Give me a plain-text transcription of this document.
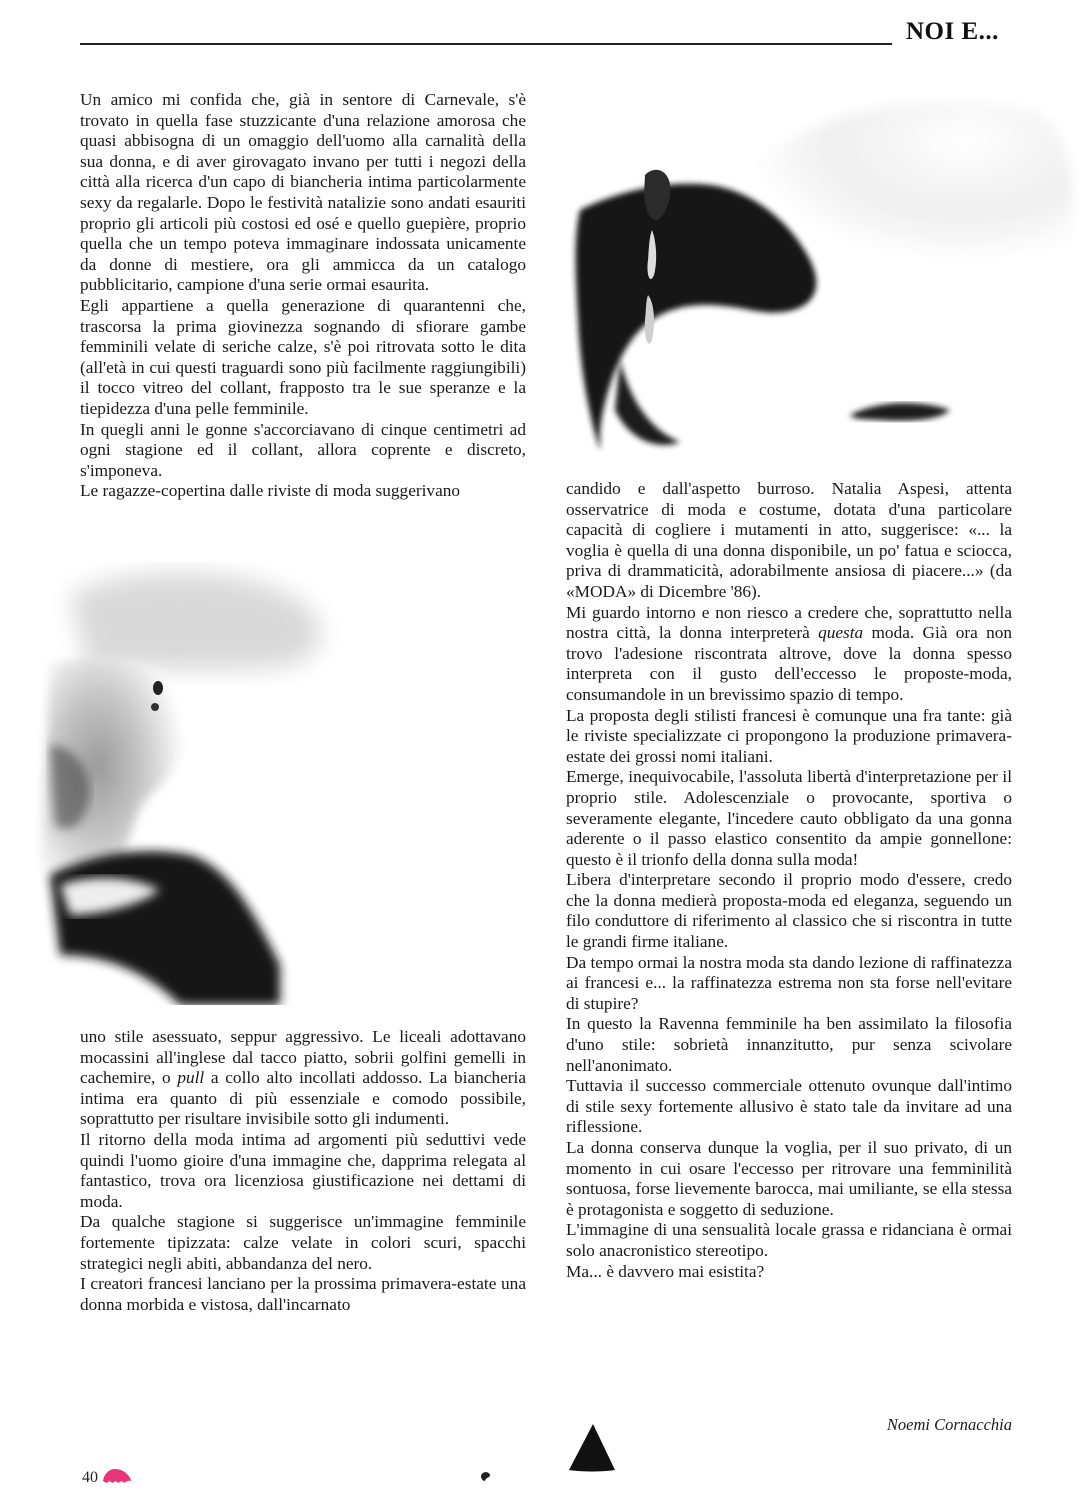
NOI E...

Un amico mi confida che, già in sentore di Carnevale, s'è trovato in quella fase stuzzicante d'una relazione amorosa che quasi abbisogna di un omaggio dell'uomo alla carnalità della sua donna, e di aver girovagato invano per tutti i negozi della città alla ricerca d'un capo di biancheria intima particolarmente sexy da regalarle. Dopo le festività natalizie sono andati esauriti proprio gli articoli più costosi ed osé e quello guepière, proprio quella che un tempo poteva immaginare indossata unicamente da donne di mestiere, ora gli ammicca da un catalogo pubblicitario, campione d'una serie ormai esaurita.

Egli appartiene a quella generazione di quarantenni che, trascorsa la prima giovinezza sognando di sfiorare gambe femminili velate di seriche calze, s'è poi ritrovata sotto le dita (all'età in cui questi traguardi sono più facilmente raggiungibili) il tocco vitreo del collant, frapposto tra le sue speranze e la tiepidezza d'una pelle femminile.

In quegli anni le gonne s'accorciavano di cinque centimetri ad ogni stagione ed il collant, allora coprente e discreto, s'imponeva.

Le ragazze-copertina dalle riviste di moda suggerivano

uno stile asessuato, seppur aggressivo. Le liceali adottavano mocassini all'inglese dal tacco piatto, sobrii golfini gemelli in cachemire, o pull a collo alto incollati addosso. La biancheria intima era quanto di più essenziale e comodo possibile, soprattutto per risultare invisibile sotto gli indumenti.

Il ritorno della moda intima ad argomenti più seduttivi vede quindi l'uomo gioire d'una immagine che, dapprima relegata al fantastico, trova ora licenziosa giustificazione nei dettami di moda.

Da qualche stagione si suggerisce un'immagine femminile fortemente tipizzata: calze velate in colori scuri, spacchi strategici negli abiti, abbandanza del nero.

I creatori francesi lanciano per la prossima primavera-estate una donna morbida e vistosa, dall'incarnato

candido e dall'aspetto burroso. Natalia Aspesi, attenta osservatrice di moda e costume, dotata d'una particolare capacità di cogliere i mutamenti in atto, suggerisce: «... la voglia è quella di una donna disponibile, un po' fatua e sciocca, priva di drammaticità, adorabilmente ansiosa di piacere...» (da «MODA» di Dicembre '86).

Mi guardo intorno e non riesco a credere che, soprattutto nella nostra città, la donna interpreterà questa moda. Già ora non trovo l'adesione riscontrata altrove, dove la donna spesso interpreta con il gusto dell'eccesso le proposte-moda, consumandole in un brevissimo spazio di tempo.

La proposta degli stilisti francesi è comunque una fra tante: già le riviste specializzate ci propongono la produzione primavera-estate dei grossi nomi italiani.

Emerge, inequivocabile, l'assoluta libertà d'interpretazione per il proprio stile. Adolescenziale o provocante, sportiva o severamente elegante, l'incedere cauto obbligato da una gonna aderente o il passo elastico consentito da ampie gonnellone: questo è il trionfo della donna sulla moda!

Libera d'interpretare secondo il proprio modo d'essere, credo che la donna medierà proposta-moda ed eleganza, seguendo un filo conduttore di riferimento al classico che si riscontra in tutte le grandi firme italiane.

Da tempo ormai la nostra moda sta dando lezione di raffinatezza ai francesi e... la raffinatezza estrema non sta forse nell'evitare di stupire?

In questo la Ravenna femminile ha ben assimilato la filosofia d'uno stile: sobrietà innanzitutto, pur senza scivolare nell'anonimato.

Tuttavia il successo commerciale ottenuto ovunque dall'intimo di stile sexy fortemente allusivo è stato tale da invitare ad una riflessione.

La donna conserva dunque la voglia, per il suo privato, di un momento in cui osare l'eccesso per ritrovare una femminilità sontuosa, forse lievemente barocca, mai umiliante, se ella stessa è protagonista e soggetto di seduzione.

L'immagine di una sensualità locale grassa e ridanciana è ormai solo anacronistico stereotipo.

Ma... è davvero mai esistita?

Noemi Cornacchia
40
